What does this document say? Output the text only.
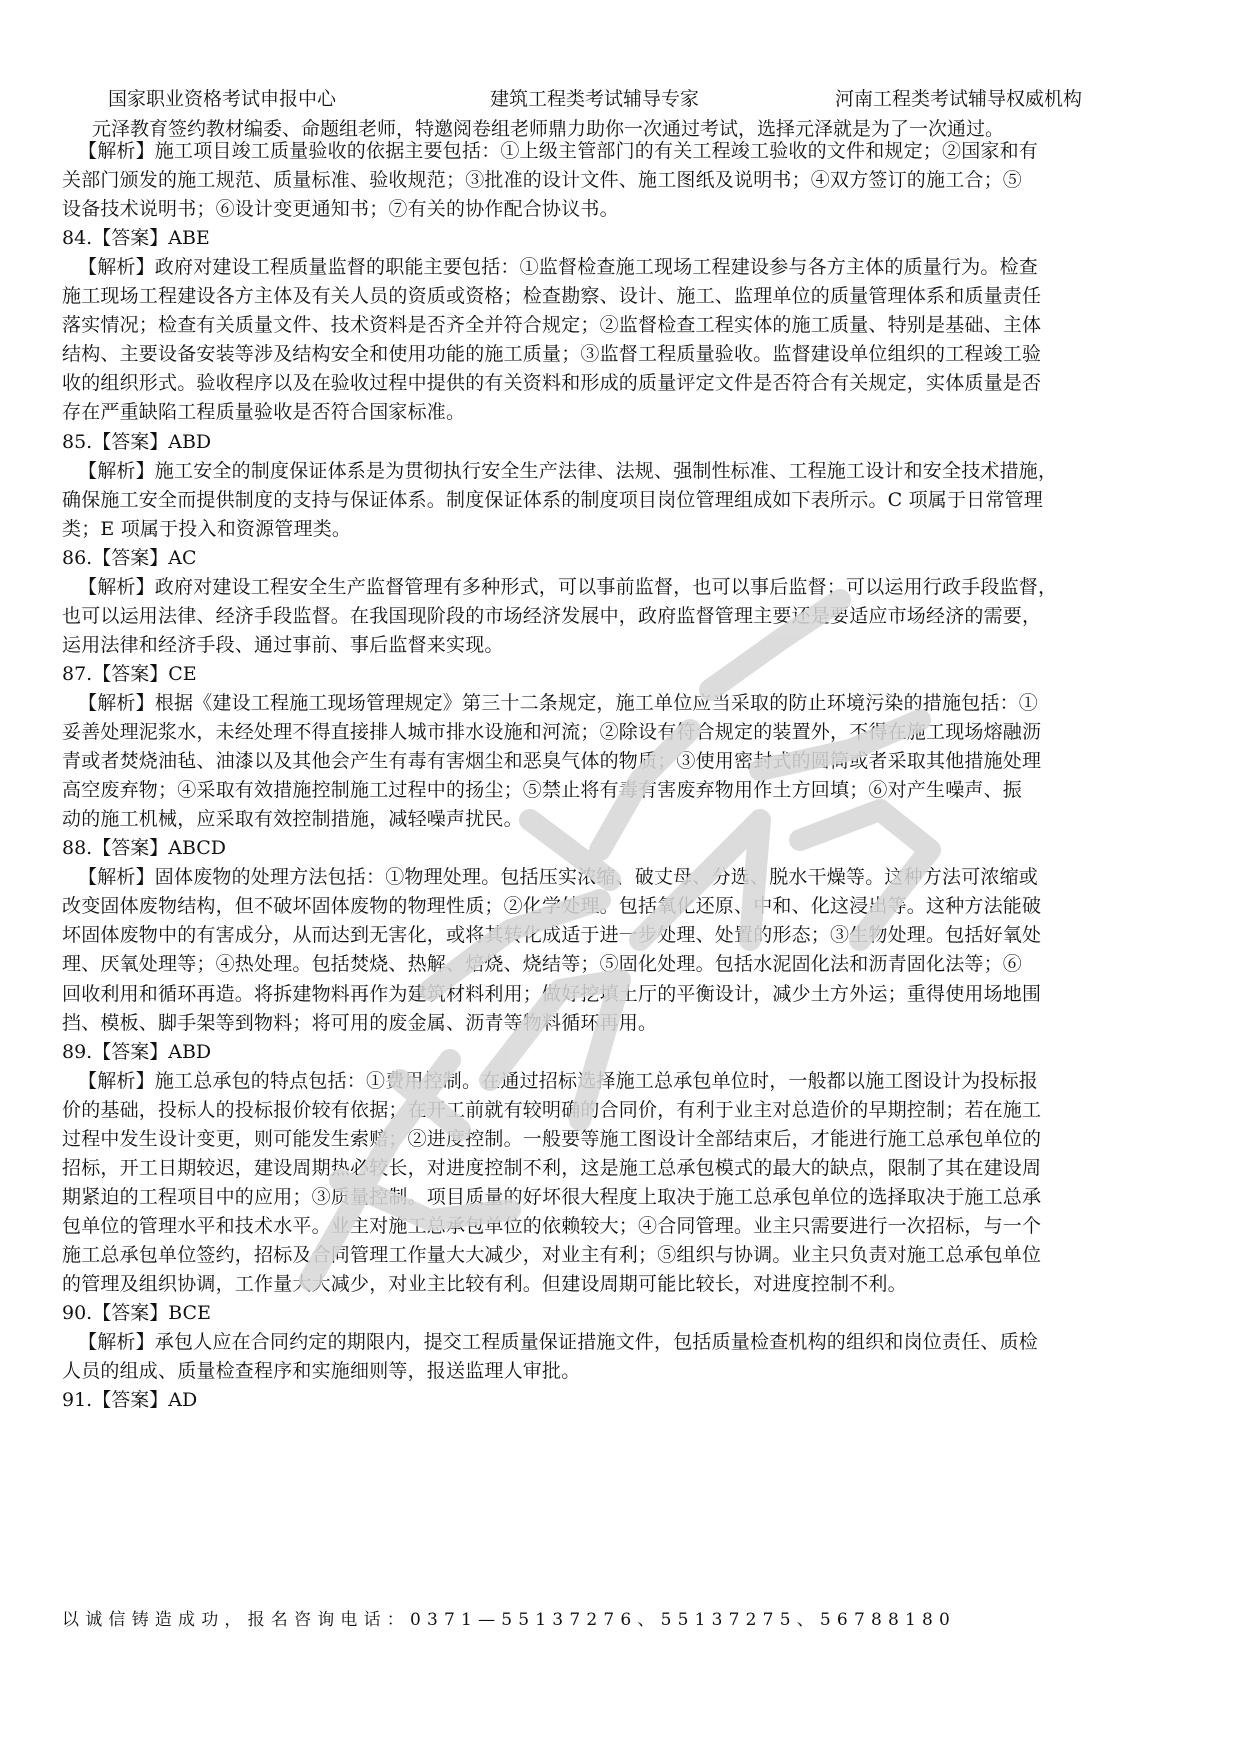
国家职业资格考试申报中心	建筑工程类考试辅导专家	河南工程类考试辅导权威机构
元泽教育签约教材编委、命题组老师，特邀阅卷组老师鼎力助你一次通过考试，选择元泽就是为了一次通过。
【解析】施工项目竣工质量验收的依据主要包括：①上级主管部门的有关工程竣工验收的文件和规定；②国家和有
关部门颁发的施工规范、质量标准、验收规范；③批准的设计文件、施工图纸及说明书；④双方签订的施工合；⑤
设备技术说明书；⑥设计变更通知书；⑦有关的协作配合协议书。
84.【答案】ABE
【解析】政府对建设工程质量监督的职能主要包括：①监督检查施工现场工程建设参与各方主体的质量行为。检查
施工现场工程建设各方主体及有关人员的资质或资格；检查勘察、设计、施工、监理单位的质量管理体系和质量责任
落实情况；检查有关质量文件、技术资料是否齐全并符合规定；②监督检查工程实体的施工质量、特别是基础、主体
结构、主要设备安装等涉及结构安全和使用功能的施工质量；③监督工程质量验收。监督建设单位组织的工程竣工验
收的组织形式。验收程序以及在验收过程中提供的有关资料和形成的质量评定文件是否符合有关规定，实体质量是否
存在严重缺陷工程质量验收是否符合国家标准。
85.【答案】ABD
【解析】施工安全的制度保证体系是为贯彻执行安全生产法律、法规、强制性标准、工程施工设计和安全技术措施，
确保施工安全而提供制度的支持与保证体系。制度保证体系的制度项目岗位管理组成如下表所示。C 项属于日常管理
类；E 项属于投入和资源管理类。
86.【答案】AC
【解析】政府对建设工程安全生产监督管理有多种形式，可以事前监督，也可以事后监督；可以运用行政手段监督，
也可以运用法律、经济手段监督。在我国现阶段的市场经济发展中，政府监督管理主要还是要适应市场经济的需要，
运用法律和经济手段、通过事前、事后监督来实现。
87.【答案】CE
【解析】根据《建设工程施工现场管理规定》第三十二条规定，施工单位应当采取的防止环境污染的措施包括：①
妥善处理泥浆水，未经处理不得直接排人城市排水设施和河流；②除设有符合规定的装置外，不得在施工现场熔融沥
青或者焚烧油毡、油漆以及其他会产生有毒有害烟尘和恶臭气体的物质；③使用密封式的圆筒或者采取其他措施处理
高空废弃物；④采取有效措施控制施工过程中的扬尘；⑤禁止将有毒有害废弃物用作土方回填；⑥对产生噪声、振
动的施工机械，应采取有效控制措施，减轻噪声扰民。
88.【答案】ABCD
【解析】固体废物的处理方法包括：①物理处理。包括压实浓缩、破丈母、分选、脱水干燥等。这种方法可浓缩或
改变固体废物结构，但不破坏固体废物的物理性质；②化学处理。包括氧化还原、中和、化这浸出等。这种方法能破
坏固体废物中的有害成分，从而达到无害化，或将其转化成适于进一步处理、处置的形态；③生物处理。包括好氧处
理、厌氧处理等；④热处理。包括焚烧、热解、焙烧、烧结等；⑤固化处理。包括水泥固化法和沥青固化法等；⑥
回收利用和循环再造。将拆建物料再作为建筑材料利用；做好挖填土厅的平衡设计，减少土方外运；重得使用场地围
挡、模板、脚手架等到物料；将可用的废金属、沥青等物料循环再用。
89.【答案】ABD
【解析】施工总承包的特点包括：①费用控制。在通过招标选择施工总承包单位时，一般都以施工图设计为投标报
价的基础，投标人的投标报价较有依据；在开工前就有较明确的合同价，有利于业主对总造价的早期控制；若在施工
过程中发生设计变更，则可能发生索赔；②进度控制。一般要等施工图设计全部结束后，才能进行施工总承包单位的
招标，开工日期较迟，建设周期热必较长，对进度控制不利，这是施工总承包模式的最大的缺点，限制了其在建设周
期紧迫的工程项目中的应用；③质量控制。项目质量的好坏很大程度上取决于施工总承包单位的选择取决于施工总承
包单位的管理水平和技术水平。业主对施工总承包单位的依赖较大；④合同管理。业主只需要进行一次招标，与一个
施工总承包单位签约，招标及合同管理工作量大大减少，对业主有利；⑤组织与协调。业主只负责对施工总承包单位
的管理及组织协调，工作量大大减少，对业主比较有利。但建设周期可能比较长，对进度控制不利。
90.【答案】BCE
【解析】承包人应在合同约定的期限内，提交工程质量保证措施文件，包括质量检查机构的组织和岗位责任、质检
人员的组成、质量检查程序和实施细则等，报送监理人审批。
91.【答案】AD
以诚信铸造成功，报名咨询电话：0371—55137276、55137275、56788180
